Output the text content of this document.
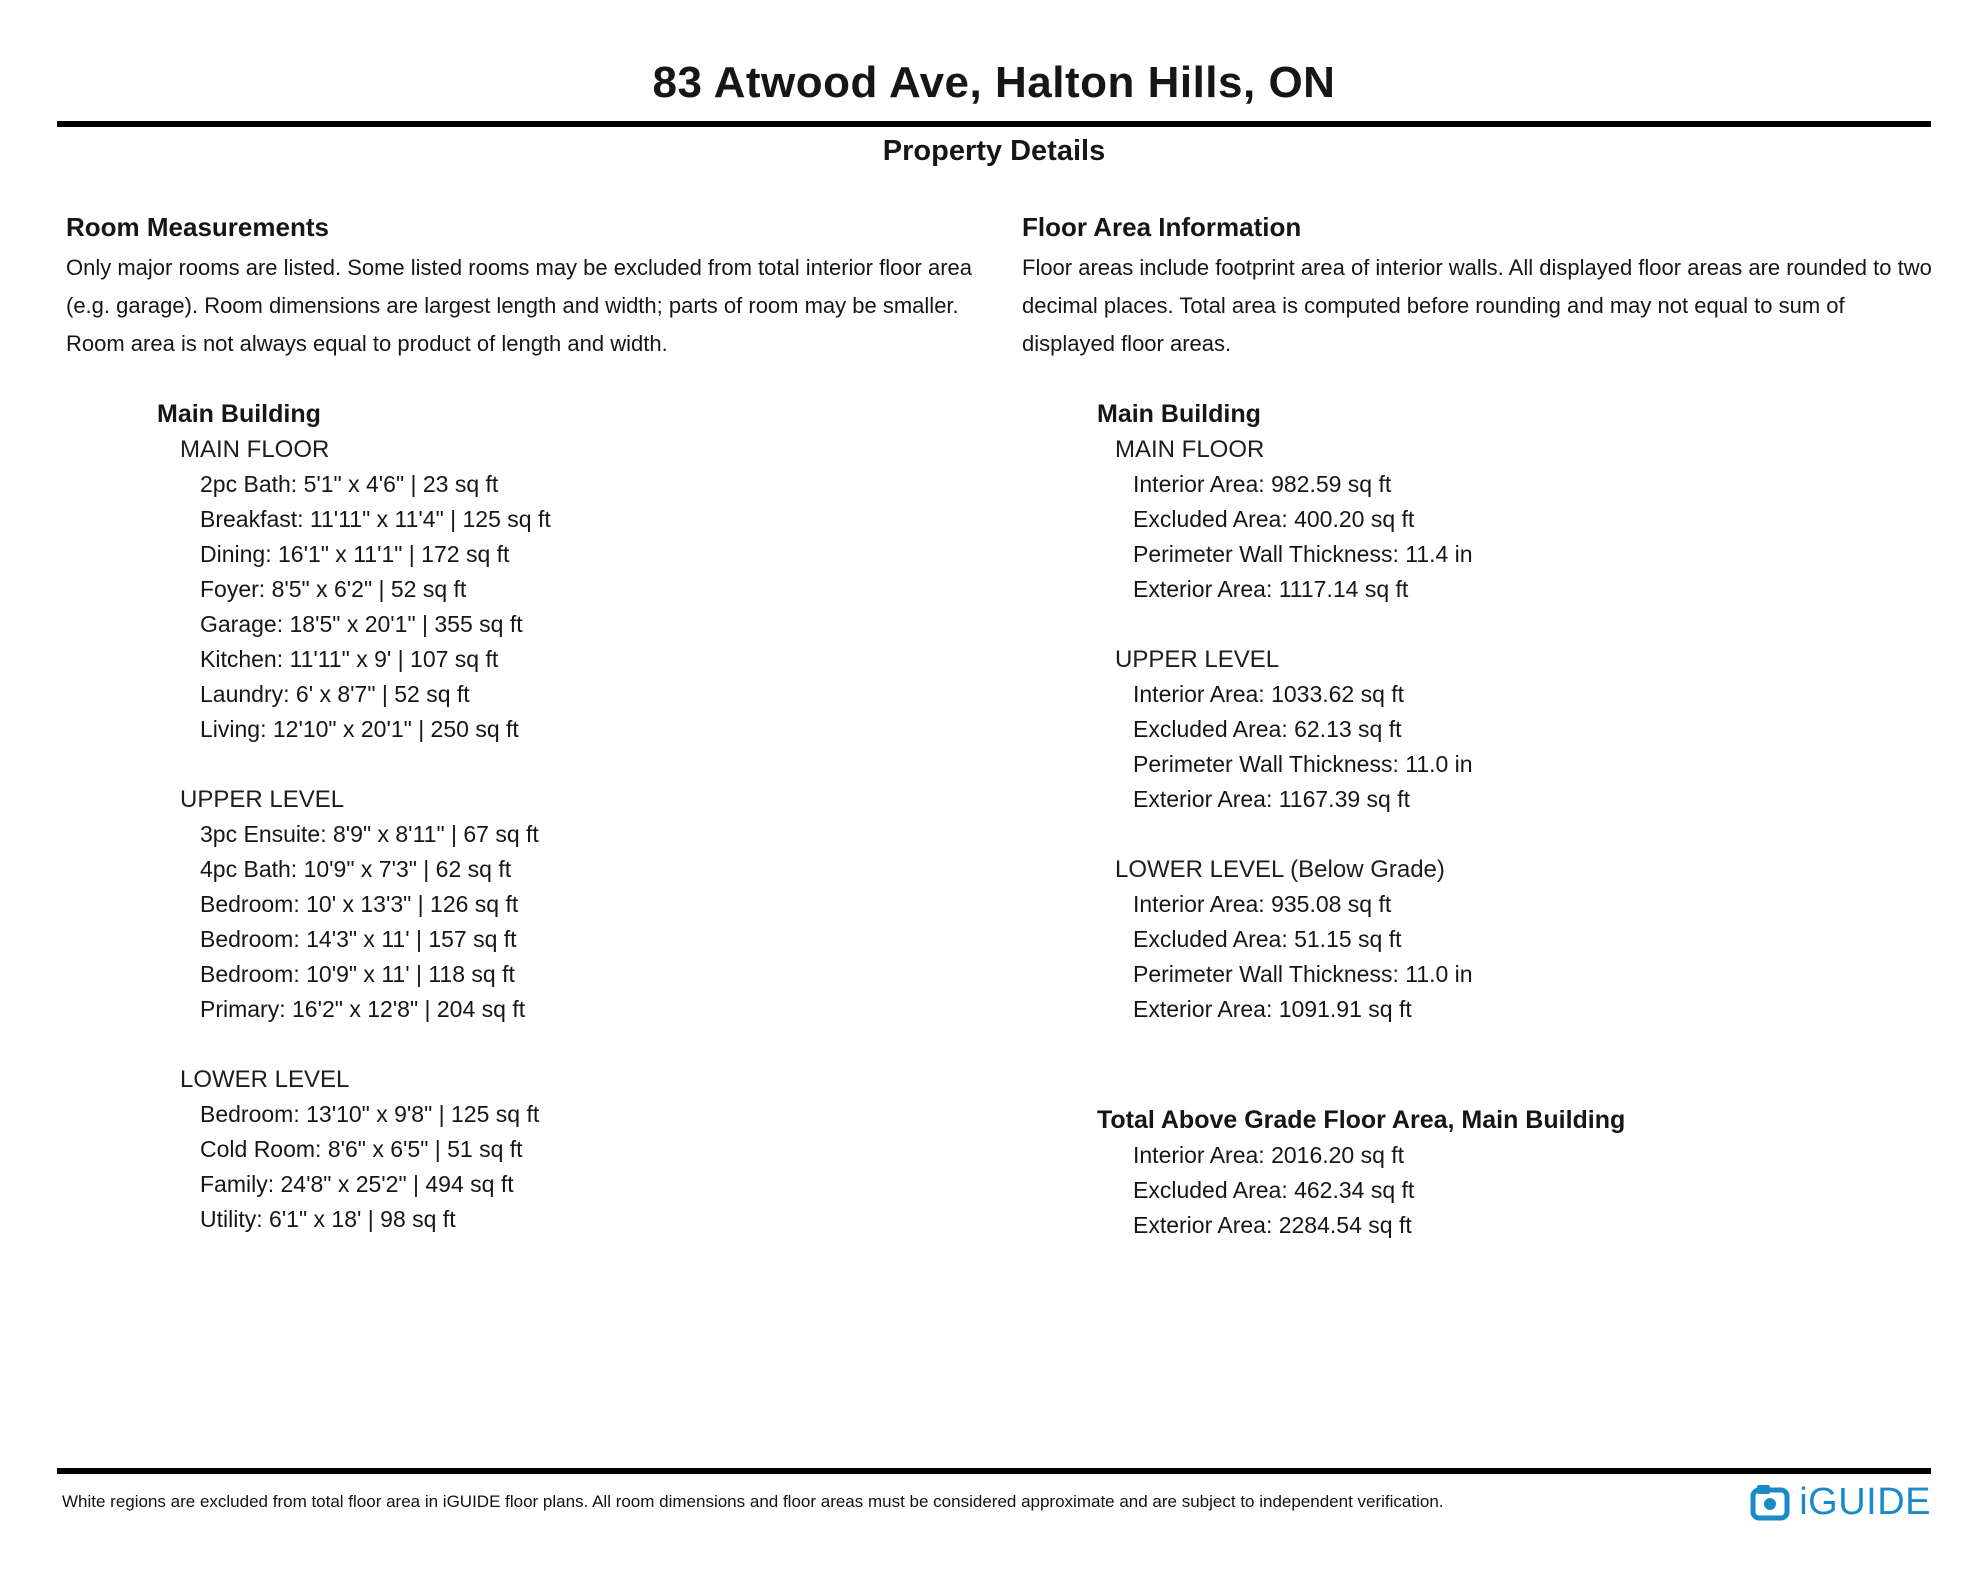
83 Atwood Ave, Halton Hills, ON
Property Details
Room Measurements

Only major rooms are listed. Some listed rooms may be excluded from total interior floor area (e.g. garage). Room dimensions are largest length and width; parts of room may be smaller. Room area is not always equal to product of length and width.

Main Building
MAIN FLOOR
2pc Bath: 5'1" x 4'6" | 23 sq ft
Breakfast: 11'11" x 11'4" | 125 sq ft
Dining: 16'1" x 11'1" | 172 sq ft
Foyer: 8'5" x 6'2" | 52 sq ft
Garage: 18'5" x 20'1" | 355 sq ft
Kitchen: 11'11" x 9' | 107 sq ft
Laundry: 6' x 8'7" | 52 sq ft
Living: 12'10" x 20'1" | 250 sq ft
UPPER LEVEL
3pc Ensuite: 8'9" x 8'11" | 67 sq ft
4pc Bath: 10'9" x 7'3" | 62 sq ft
Bedroom: 10' x 13'3" | 126 sq ft
Bedroom: 14'3" x 11' | 157 sq ft
Bedroom: 10'9" x 11' | 118 sq ft
Primary: 16'2" x 12'8" | 204 sq ft
LOWER LEVEL
Bedroom: 13'10" x 9'8" | 125 sq ft
Cold Room: 8'6" x 6'5" | 51 sq ft
Family: 24'8" x 25'2" | 494 sq ft
Utility: 6'1" x 18' | 98 sq ft
Floor Area Information

Floor areas include footprint area of interior walls. All displayed floor areas are rounded to two decimal places. Total area is computed before rounding and may not equal to sum of displayed floor areas.

Main Building
MAIN FLOOR
Interior Area: 982.59 sq ft
Excluded Area: 400.20 sq ft
Perimeter Wall Thickness: 11.4 in
Exterior Area: 1117.14 sq ft
UPPER LEVEL
Interior Area: 1033.62 sq ft
Excluded Area: 62.13 sq ft
Perimeter Wall Thickness: 11.0 in
Exterior Area: 1167.39 sq ft
LOWER LEVEL (Below Grade)
Interior Area: 935.08 sq ft
Excluded Area: 51.15 sq ft
Perimeter Wall Thickness: 11.0 in
Exterior Area: 1091.91 sq ft
Total Above Grade Floor Area, Main Building
Interior Area: 2016.20 sq ft
Excluded Area: 462.34 sq ft
Exterior Area: 2284.54 sq ft
White regions are excluded from total floor area in iGUIDE floor plans. All room dimensions and floor areas must be considered approximate and are subject to independent verification.	iGUIDE
